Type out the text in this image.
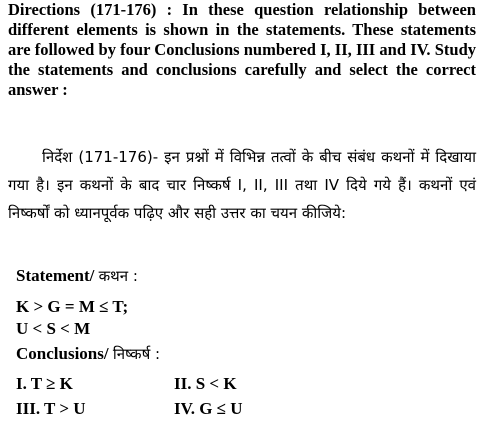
Directions (171-176) : In these question relationship between different elements is shown in the statements. These statements are followed by four Conclusions numbered I, II, III and IV. Study the statements and conclusions carefully and select the correct answer :

निर्देश (171-176)- इन प्रश्नों में विभिन्न तत्वों के बीच संबंध कथनों में दिखाया गया है। इन कथनों के बाद चार निष्कर्ष I, II, III तथा IV दिये गये हैं। कथनों एवं निष्कर्षों को ध्यानपूर्वक पढ़िए और सही उत्तर का चयन कीजिये:

Statement/ कथन :
K > G = M ≤ T;
U < S < M
Conclusions/ निष्कर्ष :
I. T ≥ K	II. S < K
III. T > U	IV. G ≤ U
